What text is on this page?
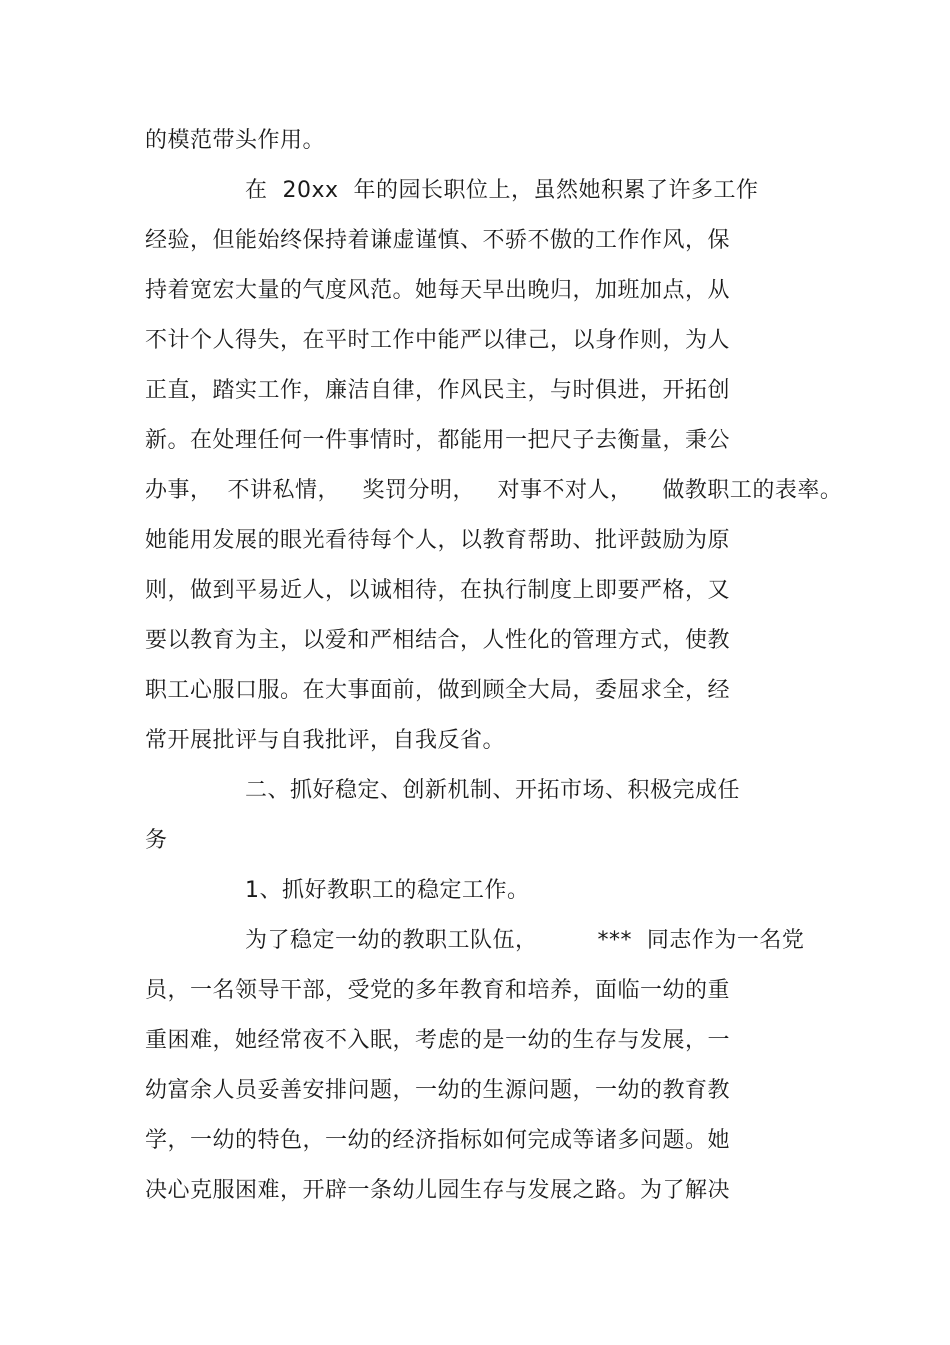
的模范带头作用。
在  20xx  年的园长职位上，虽然她积累了许多工作
经验，但能始终保持着谦虚谨慎、不骄不傲的工作作风，保
持着宽宏大量的气度风范。她每天早出晚归，加班加点，从
不计个人得失，在平时工作中能严以律己，以身作则，为人
正直，踏实工作，廉洁自律，作风民主，与时俱进，开拓创
新。在处理任何一件事情时，都能用一把尺子去衡量，秉公
办事，  不讲私情，   奖罚分明，   对事不对人，    做教职工的表率。
她能用发展的眼光看待每个人，以教育帮助、批评鼓励为原
则，做到平易近人，以诚相待，在执行制度上即要严格，又
要以教育为主，以爱和严相结合，人性化的管理方式，使教
职工心服口服。在大事面前，做到顾全大局，委屈求全，经
常开展批评与自我批评，自我反省。
二、抓好稳定、创新机制、开拓市场、积极完成任
务
1、抓好教职工的稳定工作。
为了稳定一幼的教职工队伍，        ***  同志作为一名党
员，一名领导干部，受党的多年教育和培养，面临一幼的重
重困难，她经常夜不入眠，考虑的是一幼的生存与发展，一
幼富余人员妥善安排问题，一幼的生源问题，一幼的教育教
学，一幼的特色，一幼的经济指标如何完成等诸多问题。她
决心克服困难，开辟一条幼儿园生存与发展之路。为了解决
